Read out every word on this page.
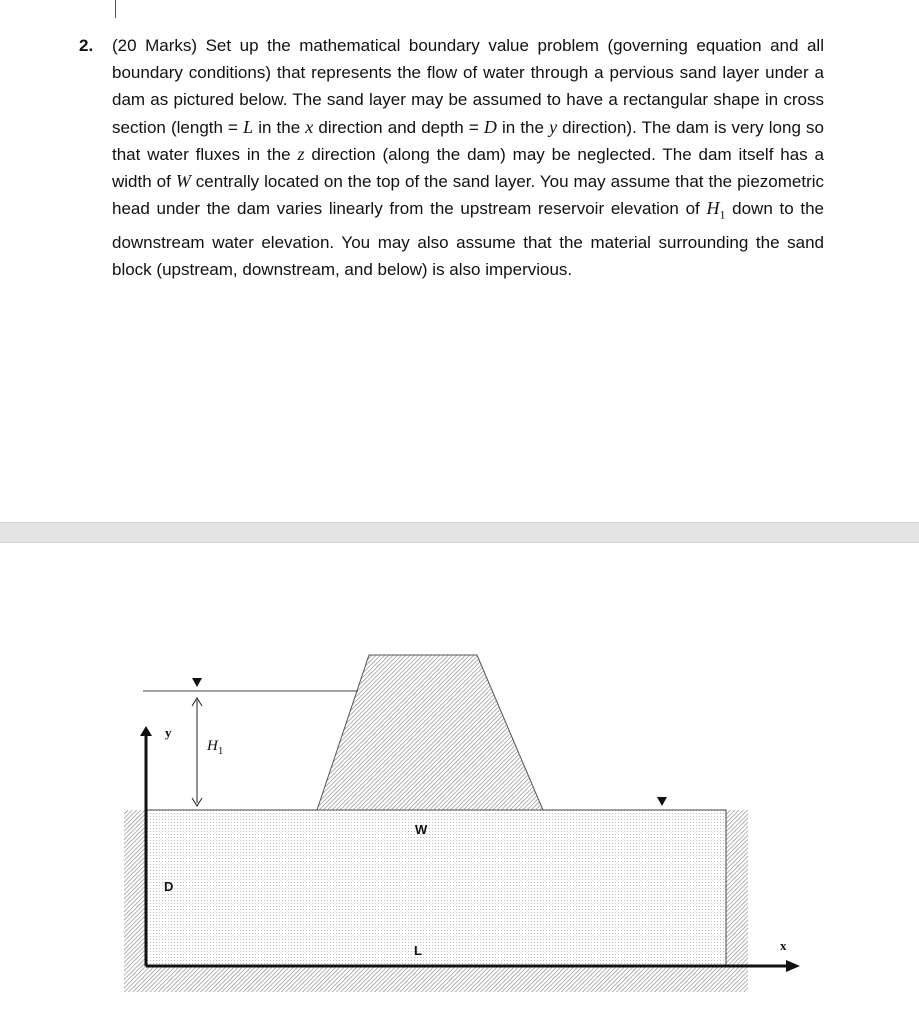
2. (20 Marks) Set up the mathematical boundary value problem (governing equation and all boundary conditions) that represents the flow of water through a pervious sand layer under a dam as pictured below. The sand layer may be assumed to have a rectangular shape in cross section (length = L in the x direction and depth = D in the y direction). The dam is very long so that water fluxes in the z direction (along the dam) may be neglected. The dam itself has a width of W centrally located on the top of the sand layer. You may assume that the piezometric head under the dam varies linearly from the upstream reservoir elevation of $H_1$ down to the downstream water elevation. You may also assume that the material surrounding the sand block (upstream, downstream, and below) is also impervious.
y
$H_1$
W
D
L	x
